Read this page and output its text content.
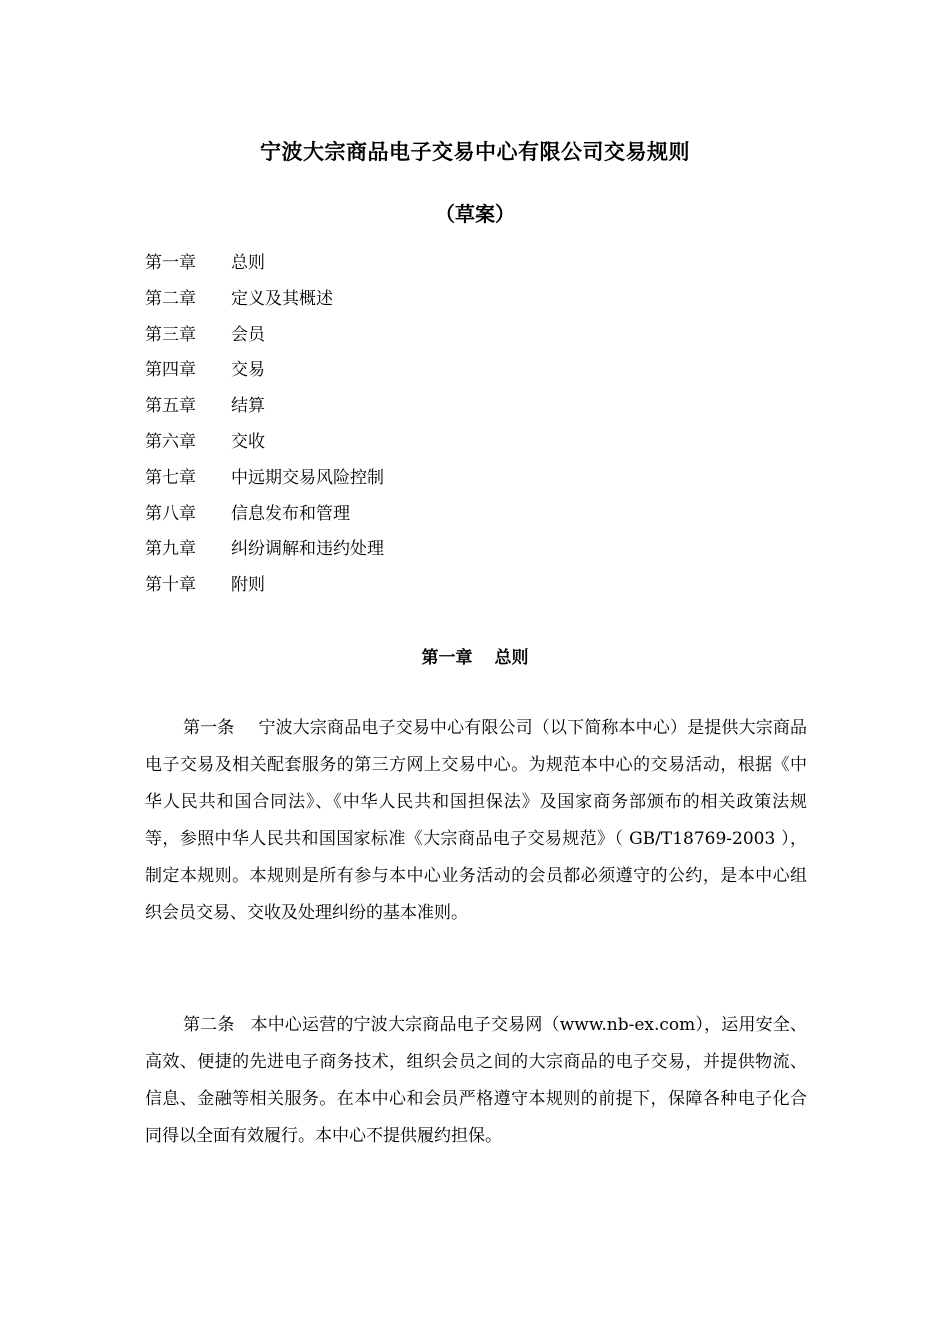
宁波大宗商品电子交易中心有限公司交易规则
（草案）
第一章 总则
第二章 定义及其概述
第三章 会员
第四章 交易
第五章 结算
第六章 交收
第七章 中远期交易风险控制
第八章 信息发布和管理
第九章 纠纷调解和违约处理
第十章 附则
第一章 总则

第一条 宁波大宗商品电子交易中心有限公司（以下简称本中心）是提供大宗商品电子交易及相关配套服务的第三方网上交易中心。为规范本中心的交易活动，根据《中华人民共和国合同法》、《中华人民共和国担保法》及国家商务部颁布的相关政策法规等，参照中华人民共和国国家标准《大宗商品电子交易规范》（ GB/T18769-2003 ），制定本规则。本规则是所有参与本中心业务活动的会员都必须遵守的公约，是本中心组织会员交易、交收及处理纠纷的基本准则。

第二条 本中心运营的宁波大宗商品电子交易网（www.nb-ex.com），运用安全、高效、便捷的先进电子商务技术，组织会员之间的大宗商品的电子交易，并提供物流、信息、金融等相关服务。在本中心和会员严格遵守本规则的前提下，保障各种电子化合同得以全面有效履行。本中心不提供履约担保。
